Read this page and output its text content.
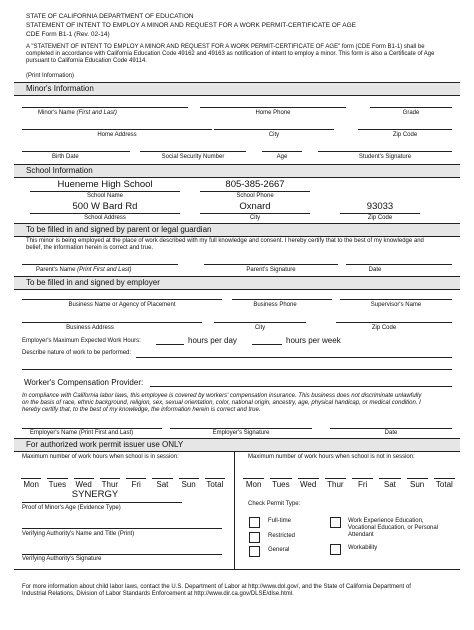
STATE OF CALIFORNIA DEPARTMENT OF EDUCATION
STATEMENT OF INTENT TO EMPLOY A MINOR AND REQUEST FOR A WORK PERMIT-CERTIFICATE OF AGE
CDE Form B1-1 (Rev. 02-14)
A "STATEMENT OF INTENT TO EMPLOY A MINOR AND REQUEST FOR A WORK PERMIT-CERTIFICATE OF AGE" form (CDE Form B1-1) shall be
completed in accordance with California Education Code 49162 and 49163 as notification of intent to employ a minor. This form is also a Certificate of Age
pursuant to California Education Code 49114.
(Print Information)
Minor's Information
Minor's Name (First and Last)	Home Phone	Grade
Home Address	City	Zip Code
Birth Date	Social Security Number	Age	Student's Signature
School Information
Hueneme High School	805-385-2667
School Name	School Phone
500 W Bard Rd	Oxnard	93033
School Address	City	Zip Code
To be filled in and signed by parent or legal guardian
This minor is being employed at the place of work described with my full knowledge and consent. I hereby certify that to the best of my knowledge and
belief, the information herein is correct and true.
Parent's Name (Print First and Last)	Parent's Signature	Date
To be filled in and signed by employer
Business Name or Agency of Placement	Business Phone	Supervisor's Name
Business Address	City	Zip Code
Employer's Maximum Expected Work Hours:	hours per day	hours per week
Describe nature of work to be performed:
Worker's Compensation Provider:
In compliance with California labor laws, this employee is covered by workers' compensation insurance. This business does not discriminate unlawfully
on the basis of race, ethnic background, religion, sex, sexual orientation, color, national origin, ancestry, age, physical handicap, or medical condition. I
hereby certify that, to the best of my knowledge, the information herein is correct and true.
Employer's Name (Print First and Last)	Employer's Signature	Date
For authorized work permit issuer use ONLY
Maximum number of work hours when school is in session:	Maximum number of work hours when school is not in session:
Mon	Tues	Wed	Thur	Fri	Sat	Sun	Total	Mon	Tues	Wed	Thur	Fri	Sat	Sun	Total
SYNERGY
Proof of Minor's Age (Evidence Type)
Verifying Authority's Name and Title (Print)
Verifying Authority's Signature
Check Permit Type:
Full-time
Restricted
General
Work Experience Education,
Vocational Education, or Personal
Attendant
Workability
For more information about child labor laws, contact the U.S. Department of Labor at http://www.dol.gov/, and the State of California Department of
Industrial Relations, Division of Labor Standards Enforcement at http://www.dir.ca.gov/DLSE/dlse.html.
